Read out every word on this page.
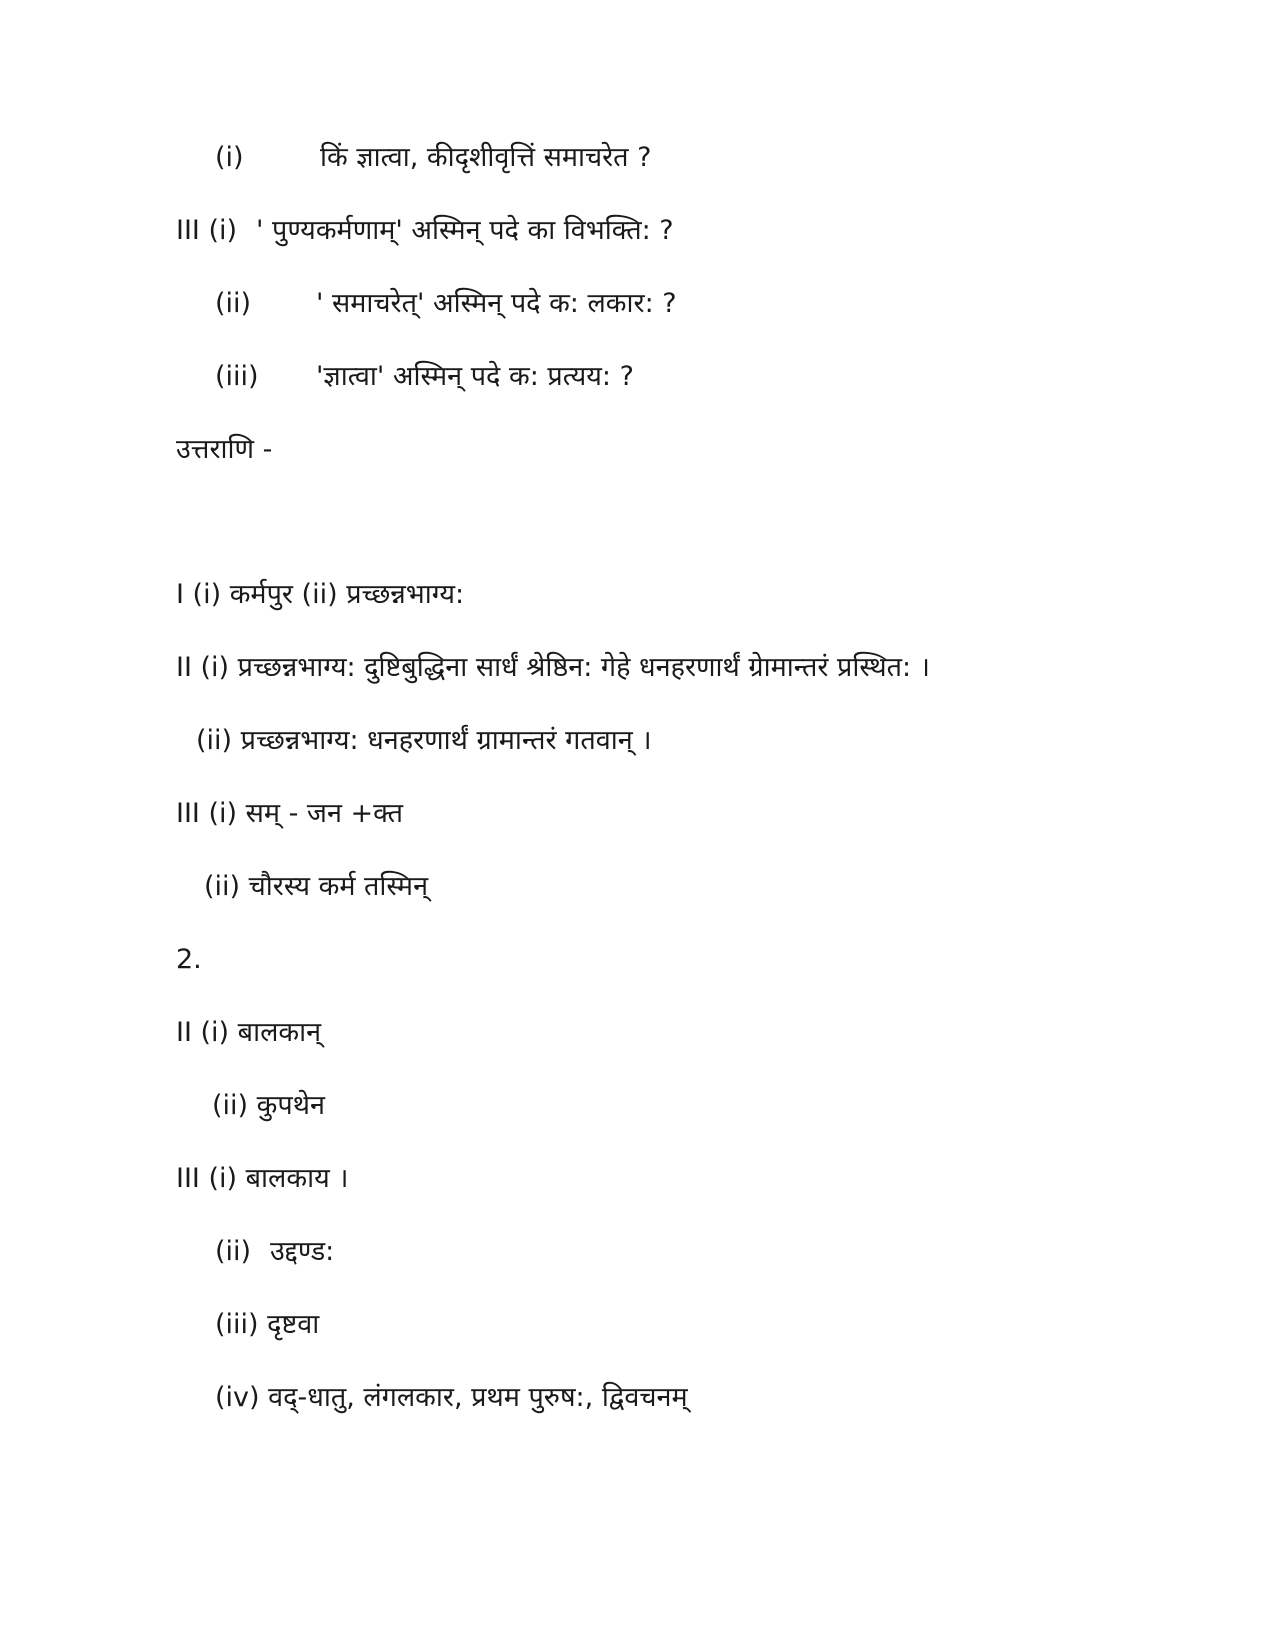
(i)	किं ज्ञात्वा, कीदृशीवृत्तिं समाचरेत ?
III (i) ' पुण्यकर्मणाम्' अस्मिन् पदे का विभक्ति: ?
(ii) ' समाचरेत्' अस्मिन् पदे क: लकार: ?
(iii) 'ज्ञात्वा' अस्मिन् पदे क: प्रत्यय: ?
उत्तराणि -
I (i) कर्मपुर (ii) प्रच्छन्नभाग्य:
II (i) प्रच्छन्नभाग्य: दुष्टिबुद्धिना सार्धं श्रेष्ठिन: गेहे धनहरणार्थं ग्रेामान्तरं प्रस्थित: ।
(ii) प्रच्छन्नभाग्य: धनहरणार्थं ग्रामान्तरं गतवान् ।
III (i) सम् - जन +क्त
(ii) चौरस्य कर्म तस्मिन्
2.
II (i) बालकान्
(ii) कुपथेन
III (i) बालकाय ।
(ii) उद्दण्ड:
(iii) दृष्टवा
(iv) वद्-धातु, लंगलकार, प्रथम पुरुष:, द्विवचनम्
